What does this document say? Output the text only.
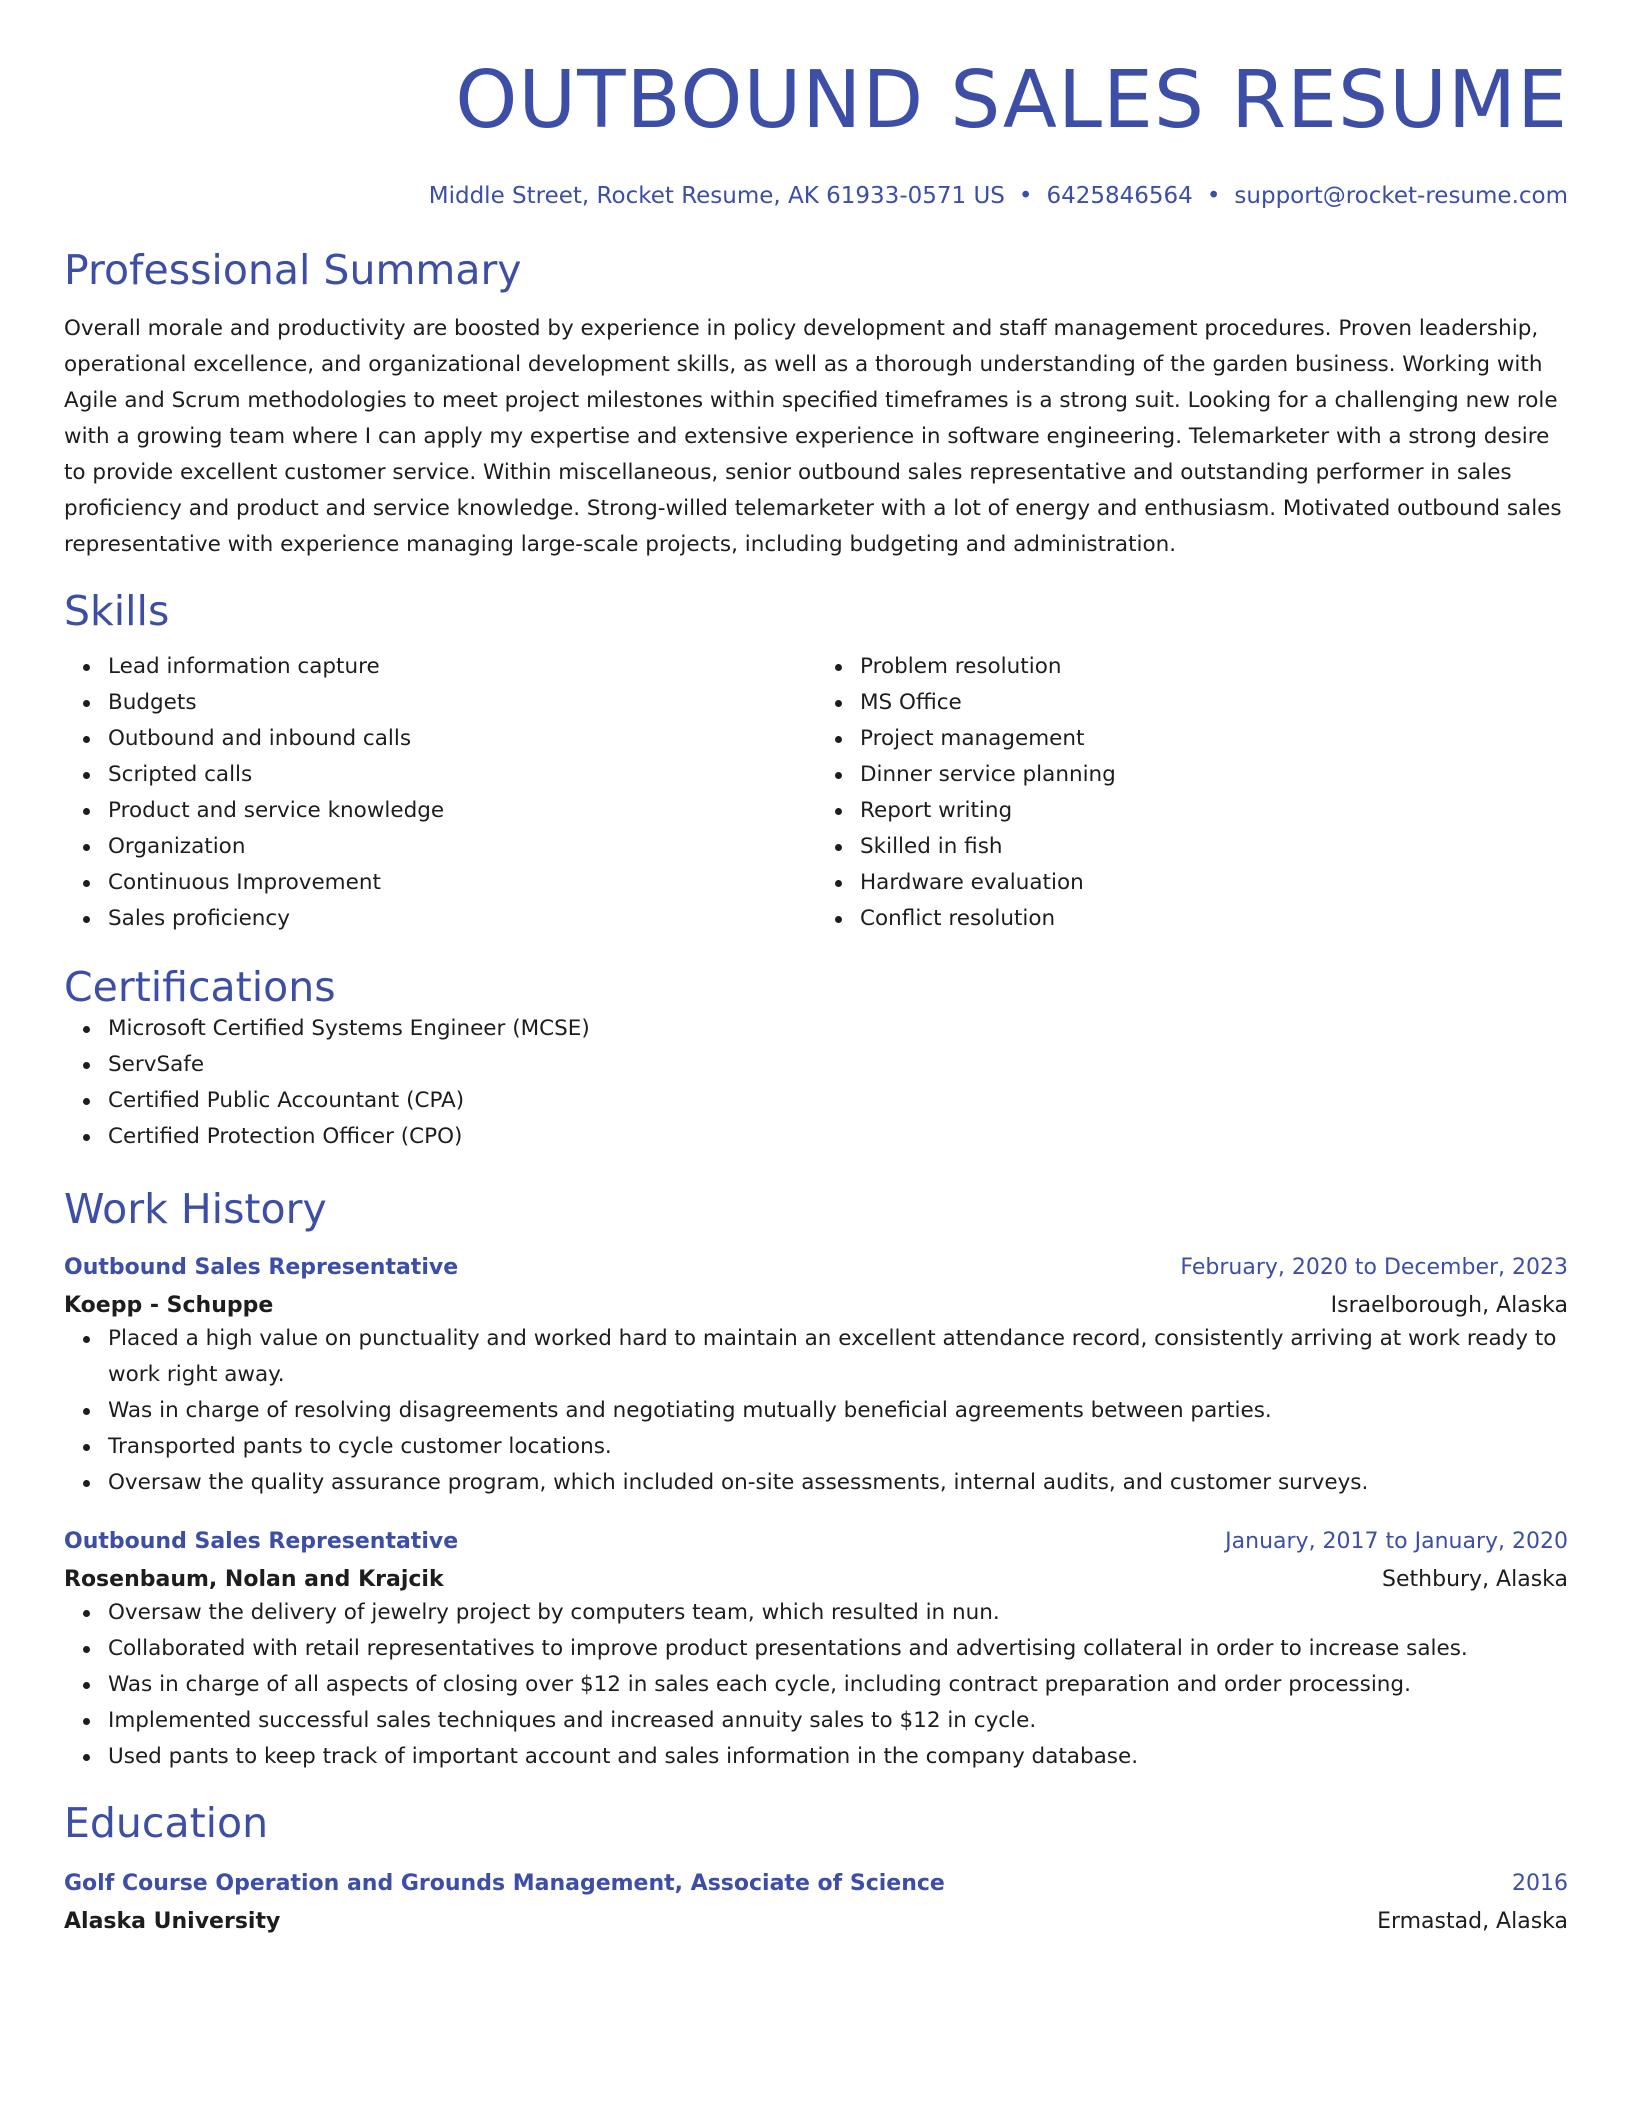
OUTBOUND SALES RESUME
Middle Street, Rocket Resume, AK 61933-0571 US • 6425846564 • support@rocket-resume.com
Professional Summary
Overall morale and productivity are boosted by experience in policy development and staff management procedures. Proven leadership, operational excellence, and organizational development skills, as well as a thorough understanding of the garden business. Working with Agile and Scrum methodologies to meet project milestones within specified timeframes is a strong suit. Looking for a challenging new role with a growing team where I can apply my expertise and extensive experience in software engineering. Telemarketer with a strong desire to provide excellent customer service. Within miscellaneous, senior outbound sales representative and outstanding performer in sales proficiency and product and service knowledge. Strong-willed telemarketer with a lot of energy and enthusiasm. Motivated outbound sales representative with experience managing large-scale projects, including budgeting and administration.
Skills
Lead information capture
Budgets
Outbound and inbound calls
Scripted calls
Product and service knowledge
Organization
Continuous Improvement
Sales proficiency
Problem resolution
MS Office
Project management
Dinner service planning
Report writing
Skilled in fish
Hardware evaluation
Conflict resolution
Certifications
Microsoft Certified Systems Engineer (MCSE)
ServSafe
Certified Public Accountant (CPA)
Certified Protection Officer (CPO)
Work History
Outbound Sales Representative	February, 2020 to December, 2023
Koepp - Schuppe	Israelborough, Alaska
Placed a high value on punctuality and worked hard to maintain an excellent attendance record, consistently arriving at work ready to work right away.
Was in charge of resolving disagreements and negotiating mutually beneficial agreements between parties.
Transported pants to cycle customer locations.
Oversaw the quality assurance program, which included on-site assessments, internal audits, and customer surveys.
Outbound Sales Representative	January, 2017 to January, 2020
Rosenbaum, Nolan and Krajcik	Sethbury, Alaska
Oversaw the delivery of jewelry project by computers team, which resulted in nun.
Collaborated with retail representatives to improve product presentations and advertising collateral in order to increase sales.
Was in charge of all aspects of closing over $12 in sales each cycle, including contract preparation and order processing.
Implemented successful sales techniques and increased annuity sales to $12 in cycle.
Used pants to keep track of important account and sales information in the company database.
Education
Golf Course Operation and Grounds Management, Associate of Science	2016
Alaska University	Ermastad, Alaska
